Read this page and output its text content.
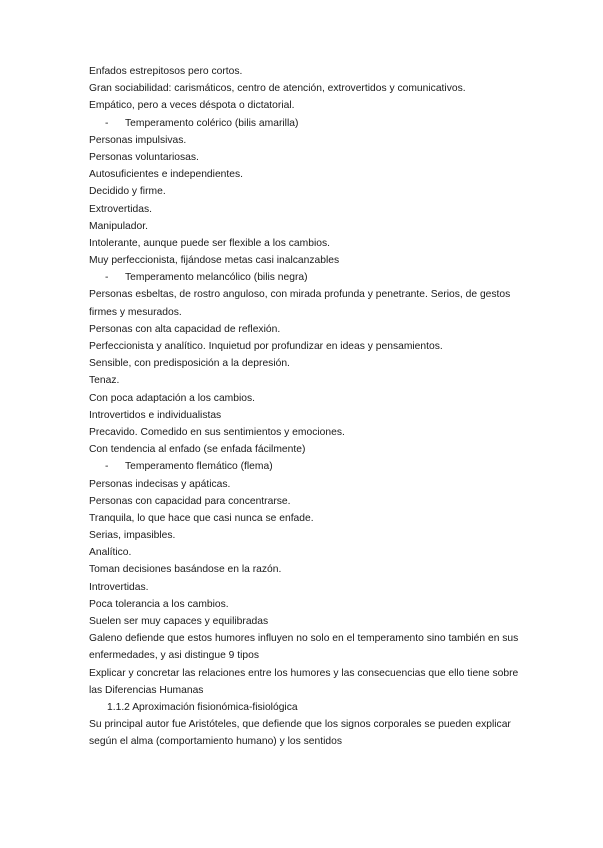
Enfados estrepitosos pero cortos.
Gran sociabilidad: carismáticos, centro de atención, extrovertidos y comunicativos.
Empático, pero a veces déspota o dictatorial.
- Temperamento colérico (bilis amarilla)
Personas impulsivas.
Personas voluntariosas.
Autosuficientes e independientes.
Decidido y firme.
Extrovertidas.
Manipulador.
Intolerante, aunque puede ser flexible a los cambios.
Muy perfeccionista, fijándose metas casi inalcanzables
- Temperamento melancólico (bilis negra)
Personas esbeltas, de rostro anguloso, con mirada profunda y penetrante. Serios, de gestos firmes y mesurados.
Personas con alta capacidad de reflexión.
Perfeccionista y analítico. Inquietud por profundizar en ideas y pensamientos.
Sensible, con predisposición a la depresión.
Tenaz.
Con poca adaptación a los cambios.
Introvertidos e individualistas
Precavido. Comedido en sus sentimientos y emociones.
Con tendencia al enfado (se enfada fácilmente)
- Temperamento flemático (flema)
Personas indecisas y apáticas.
Personas con capacidad para concentrarse.
Tranquila, lo que hace que casi nunca se enfade.
Serias, impasibles.
Analítico.
Toman decisiones basándose en la razón.
Introvertidas.
Poca tolerancia a los cambios.
Suelen ser muy capaces y equilibradas
Galeno defiende que estos humores influyen no solo en el temperamento sino también en sus enfermedades, y asi distingue 9 tipos
Explicar y concretar las relaciones entre los humores y las consecuencias que ello tiene sobre las Diferencias Humanas
1.1.2 Aproximación fisionómica-fisiológica
Su principal autor fue Aristóteles, que defiende que los signos corporales se pueden explicar según el alma (comportamiento humano) y los sentidos
